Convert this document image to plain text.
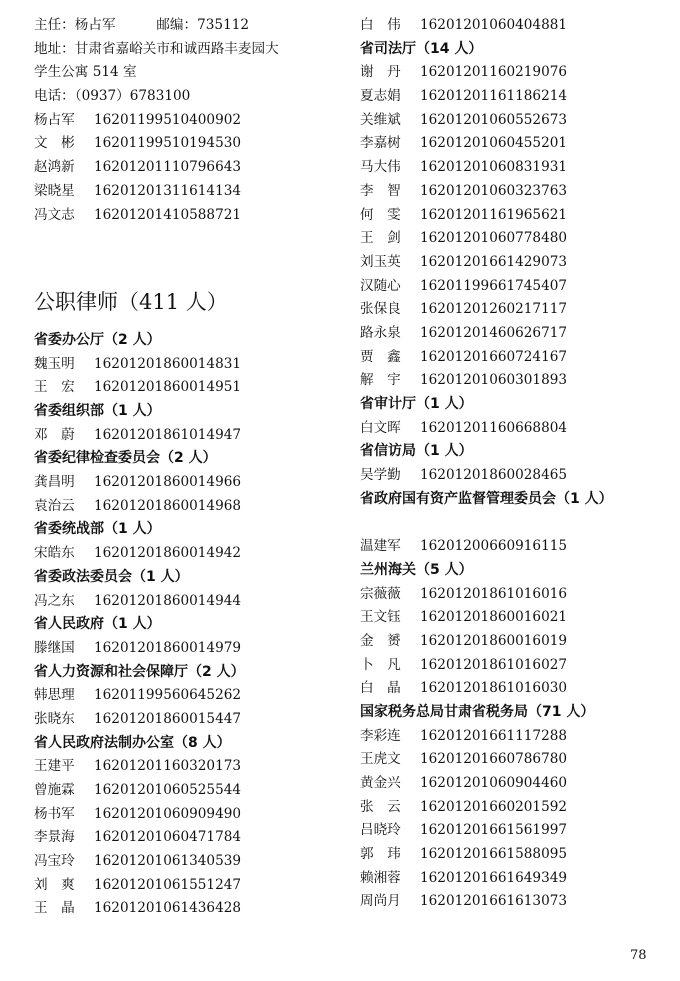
主任：杨占军　　　邮编：735112
地址：甘肃省嘉峪关市和诚西路丰麦园大
学生公寓 514 室
电话：（0937）6783100
杨占军 16201199510400902
文　彬 16201199510194530
赵鸿新 16201201110796643
梁晓星 16201201311614134
冯文志 16201201410588721
公职律师（411 人）
省委办公厅（2 人）
魏玉明 16201201860014831
王　宏 16201201860014951
省委组织部（1 人）
邓　蔚 16201201861014947
省委纪律检查委员会（2 人）
龚昌明 16201201860014966
袁治云 16201201860014968
省委统战部（1 人）
宋皓东 16201201860014942
省委政法委员会（1 人）
冯之东 16201201860014944
省人民政府（1 人）
滕继国 16201201860014979
省人力资源和社会保障厅（2 人）
韩思理 16201199560645262
张晓东 16201201860015447
省人民政府法制办公室（8 人）
王建平 16201201160320173
曾施霖 16201201060525544
杨书军 16201201060909490
李景海 16201201060471784
冯宝玲 16201201061340539
刘　爽 16201201061551247
王　晶 16201201061436428
白　伟 16201201060404881
省司法厅（14 人）
谢　丹 16201201160219076
夏志娟 16201201161186214
关维斌 16201201060552673
李嘉树 16201201060455201
马大伟 16201201060831931
李　智 16201201060323763
何　雯 16201201161965621
王　剑 16201201060778480
刘玉英 16201201661429073
汉随心 16201199661745407
张保良 16201201260217117
路永泉 16201201460626717
贾　鑫 16201201660724167
解　宇 16201201060301893
省审计厅（1 人）
白文晖 16201201160668804
省信访局（1 人）
吴学勤 16201201860028465
省政府国有资产监督管理委员会（1 人）
温建军 16201200660916115
兰州海关（5 人）
宗薇薇 16201201861016016
王文钰 16201201860016021
金　赟 16201201860016019
卜　凡 16201201861016027
白　晶 16201201861016030
国家税务总局甘肃省税务局（71 人）
李彩连 16201201661117288
王虎文 16201201660786780
黄金兴 16201201060904460
张　云 16201201660201592
吕晓玲 16201201661561997
郭　玮 16201201661588095
赖湘蓉 16201201661649349
周尚月 16201201661613073
78
